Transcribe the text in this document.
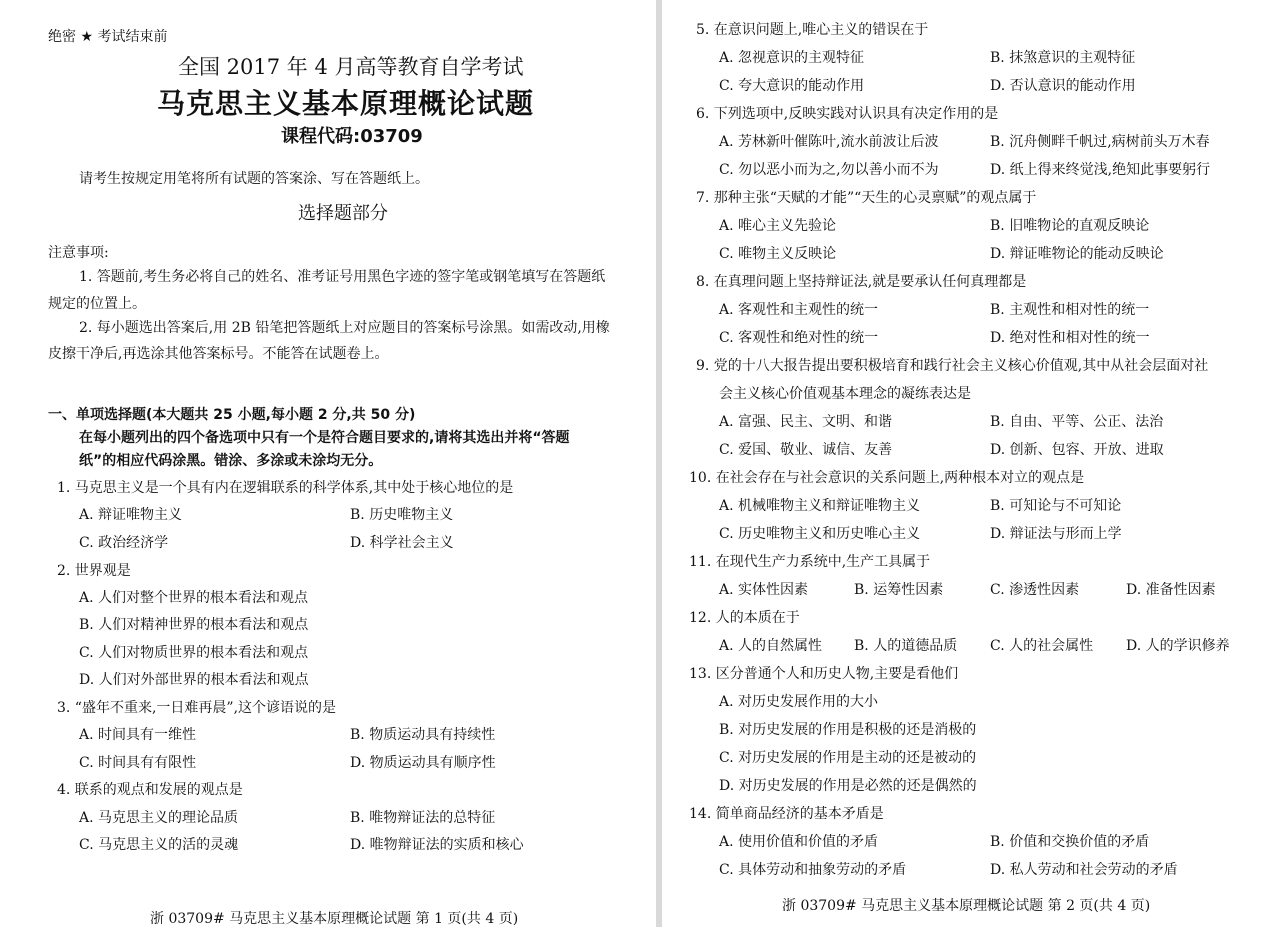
绝密 ★ 考试结束前
全国 2017 年 4 月高等教育自学考试
马克思主义基本原理概论试题
课程代码:03709
请考生按规定用笔将所有试题的答案涂、写在答题纸上。
选择题部分
注意事项:
1. 答题前,考生务必将自己的姓名、准考证号用黑色字迹的签字笔或钢笔填写在答题纸
规定的位置上。
2. 每小题选出答案后,用 2B 铅笔把答题纸上对应题目的答案标号涂黑。如需改动,用橡
皮擦干净后,再选涂其他答案标号。不能答在试题卷上。
一、单项选择题(本大题共 25 小题,每小题 2 分,共 50 分)
在每小题列出的四个备选项中只有一个是符合题目要求的,请将其选出并将“答题
纸”的相应代码涂黑。错涂、多涂或未涂均无分。
1. 马克思主义是一个具有内在逻辑联系的科学体系,其中处于核心地位的是
A. 辩证唯物主义	B. 历史唯物主义
C. 政治经济学	D. 科学社会主义
2. 世界观是
A. 人们对整个世界的根本看法和观点
B. 人们对精神世界的根本看法和观点
C. 人们对物质世界的根本看法和观点
D. 人们对外部世界的根本看法和观点
3. “盛年不重来,一日难再晨”,这个谚语说的是
A. 时间具有一维性	B. 物质运动具有持续性
C. 时间具有有限性	D. 物质运动具有顺序性
4. 联系的观点和发展的观点是
A. 马克思主义的理论品质	B. 唯物辩证法的总特征
C. 马克思主义的活的灵魂	D. 唯物辩证法的实质和核心
浙 03709# 马克思主义基本原理概论试题 第 1 页(共 4 页)
5. 在意识问题上,唯心主义的错误在于
A. 忽视意识的主观特征	B. 抹煞意识的主观特征
C. 夸大意识的能动作用	D. 否认意识的能动作用
6. 下列选项中,反映实践对认识具有决定作用的是
A. 芳林新叶催陈叶,流水前波让后波	B. 沉舟侧畔千帆过,病树前头万木春
C. 勿以恶小而为之,勿以善小而不为	D. 纸上得来终觉浅,绝知此事要躬行
7. 那种主张“天赋的才能”“天生的心灵禀赋”的观点属于
A. 唯心主义先验论	B. 旧唯物论的直观反映论
C. 唯物主义反映论	D. 辩证唯物论的能动反映论
8. 在真理问题上坚持辩证法,就是要承认任何真理都是
A. 客观性和主观性的统一	B. 主观性和相对性的统一
C. 客观性和绝对性的统一	D. 绝对性和相对性的统一
9. 党的十八大报告提出要积极培育和践行社会主义核心价值观,其中从社会层面对社
会主义核心价值观基本理念的凝练表达是
A. 富强、民主、文明、和谐	B. 自由、平等、公正、法治
C. 爱国、敬业、诚信、友善	D. 创新、包容、开放、进取
10. 在社会存在与社会意识的关系问题上,两种根本对立的观点是
A. 机械唯物主义和辩证唯物主义	B. 可知论与不可知论
C. 历史唯物主义和历史唯心主义	D. 辩证法与形而上学
11. 在现代生产力系统中,生产工具属于
A. 实体性因素	B. 运筹性因素	C. 渗透性因素	D. 准备性因素
12. 人的本质在于
A. 人的自然属性 B. 人的道德品质 C. 人的社会属性 D. 人的学识修养
13. 区分普通个人和历史人物,主要是看他们
A. 对历史发展作用的大小
B. 对历史发展的作用是积极的还是消极的
C. 对历史发展的作用是主动的还是被动的
D. 对历史发展的作用是必然的还是偶然的
14. 简单商品经济的基本矛盾是
A. 使用价值和价值的矛盾	B. 价值和交换价值的矛盾
C. 具体劳动和抽象劳动的矛盾	D. 私人劳动和社会劳动的矛盾
浙 03709# 马克思主义基本原理概论试题 第 2 页(共 4 页)
